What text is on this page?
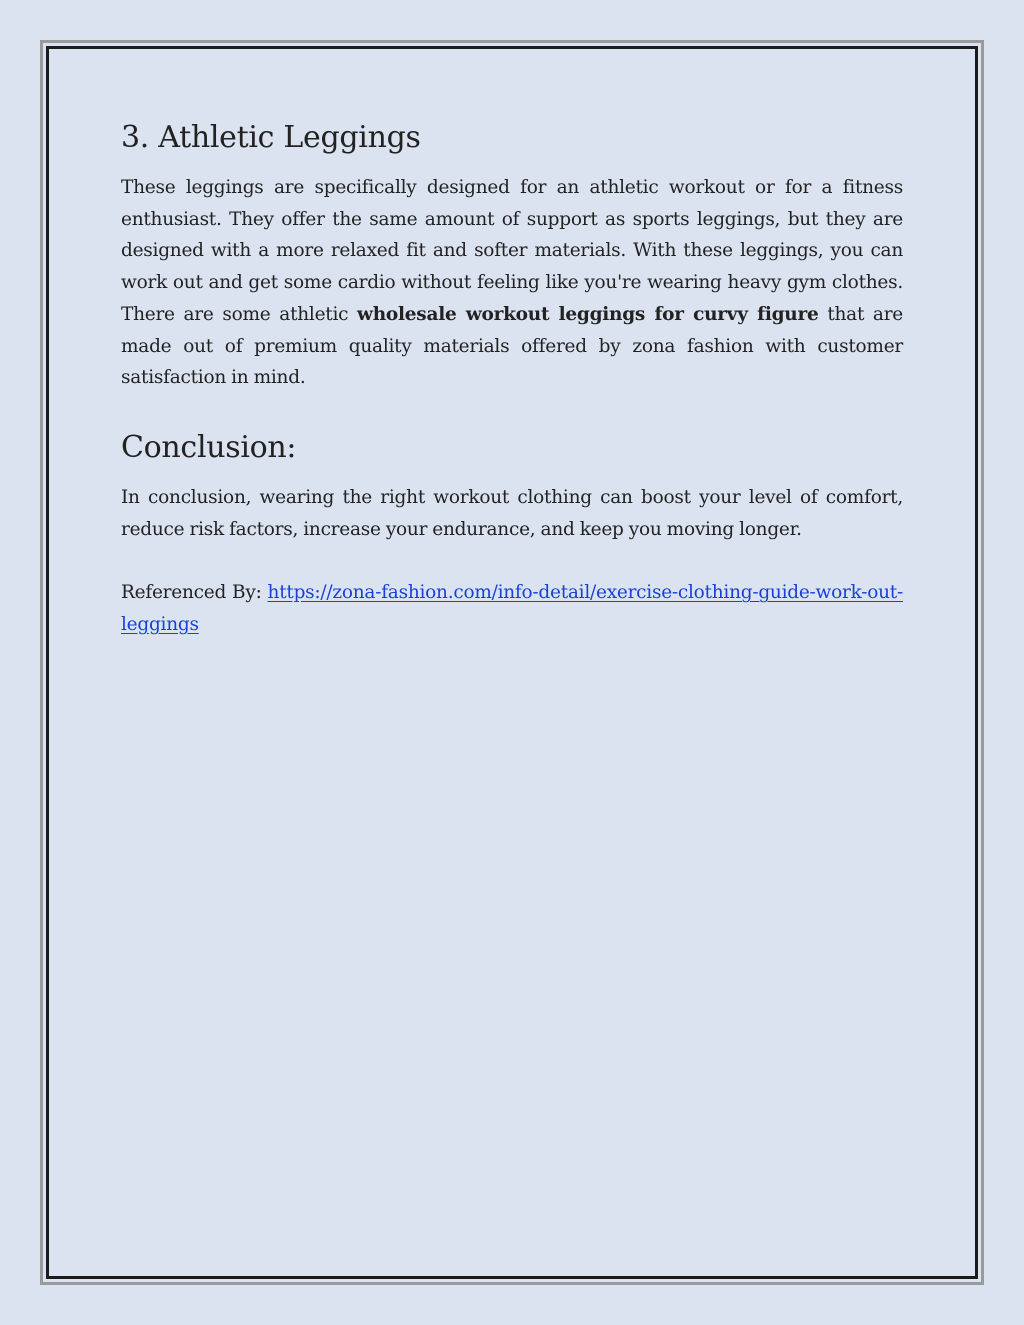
3. Athletic Leggings

These leggings are specifically designed for an athletic workout or for a fitness enthusiast. They offer the same amount of support as sports leggings, but they are designed with a more relaxed fit and softer materials. With these leggings, you can work out and get some cardio without feeling like you're wearing heavy gym clothes. There are some athletic wholesale workout leggings for curvy figure that are made out of premium quality materials offered by zona fashion with customer satisfaction in mind.

Conclusion:

In conclusion, wearing the right workout clothing can boost your level of comfort, reduce risk factors, increase your endurance, and keep you moving longer.

Referenced By: https://zona-fashion.com/info-detail/exercise-clothing-guide-work-out-leggings
